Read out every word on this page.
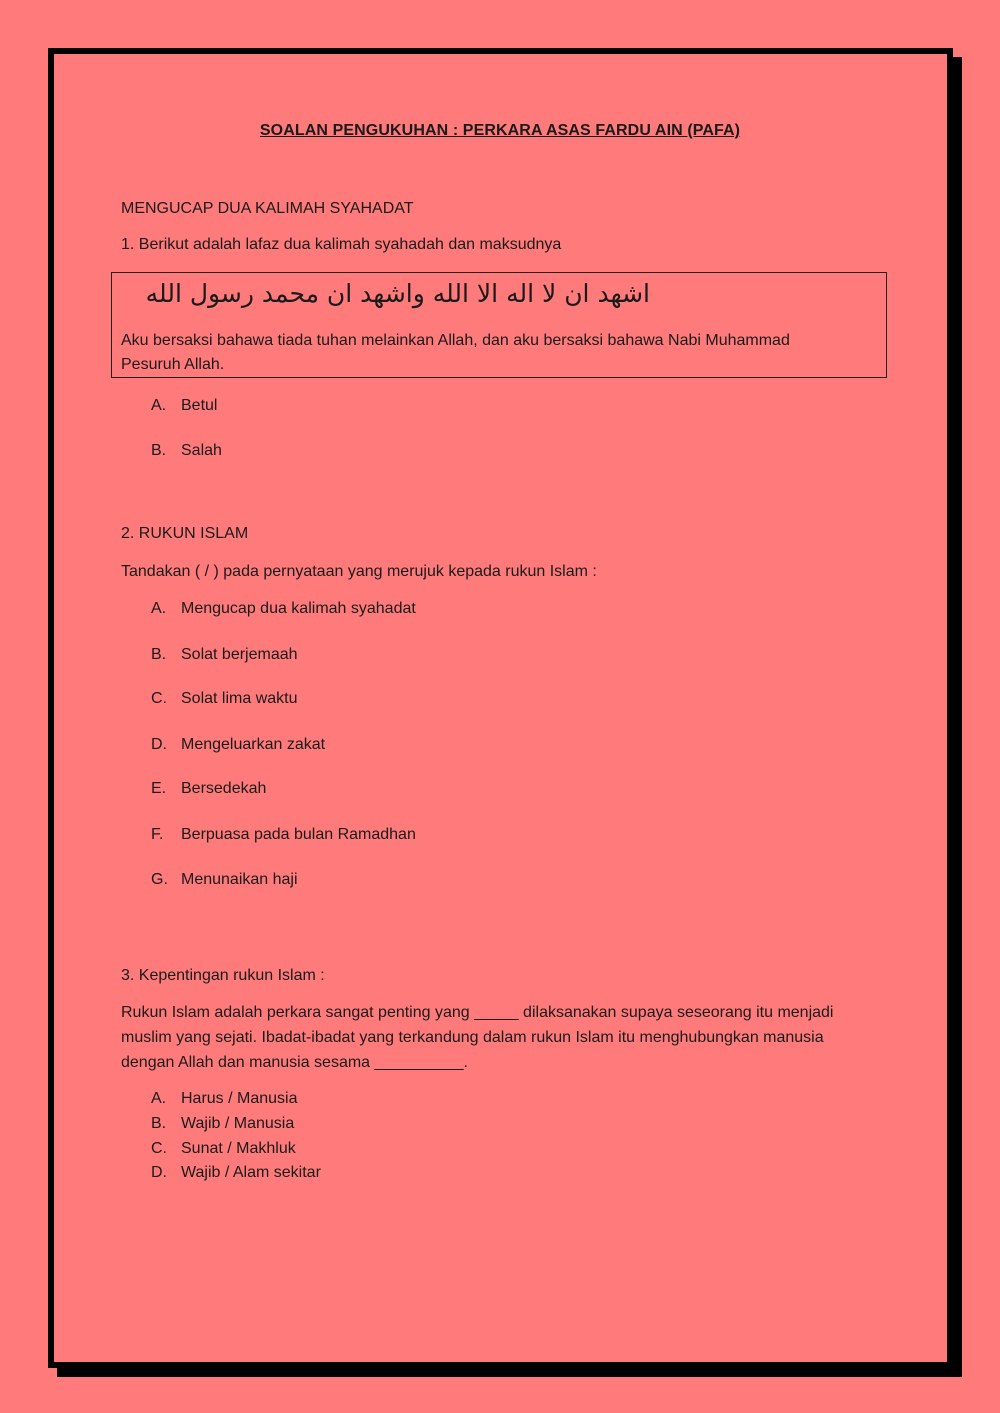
SOALAN PENGUKUHAN : PERKARA ASAS FARDU AIN (PAFA)
MENGUCAP DUA KALIMAH SYAHADAT
1. Berikut adalah lafaz dua kalimah syahadah dan maksudnya
اشهد ان لا اله الا الله واشهد ان محمد رسول الله
Aku bersaksi bahawa tiada tuhan melainkan Allah, dan aku bersaksi bahawa Nabi Muhammad
Pesuruh Allah.
A. Betul
B. Salah
2. RUKUN ISLAM
Tandakan ( / ) pada pernyataan yang merujuk kepada rukun Islam :
A. Mengucap dua kalimah syahadat
B. Solat berjemaah
C. Solat lima waktu
D. Mengeluarkan zakat
E. Bersedekah
F. Berpuasa pada bulan Ramadhan
G. Menunaikan haji
3. Kepentingan rukun Islam :
Rukun Islam adalah perkara sangat penting yang _____ dilaksanakan supaya seseorang itu menjadi
muslim yang sejati. Ibadat-ibadat yang terkandung dalam rukun Islam itu menghubungkan manusia
dengan Allah dan manusia sesama __________.
A. Harus / Manusia
B. Wajib / Manusia
C. Sunat / Makhluk
D. Wajib / Alam sekitar
